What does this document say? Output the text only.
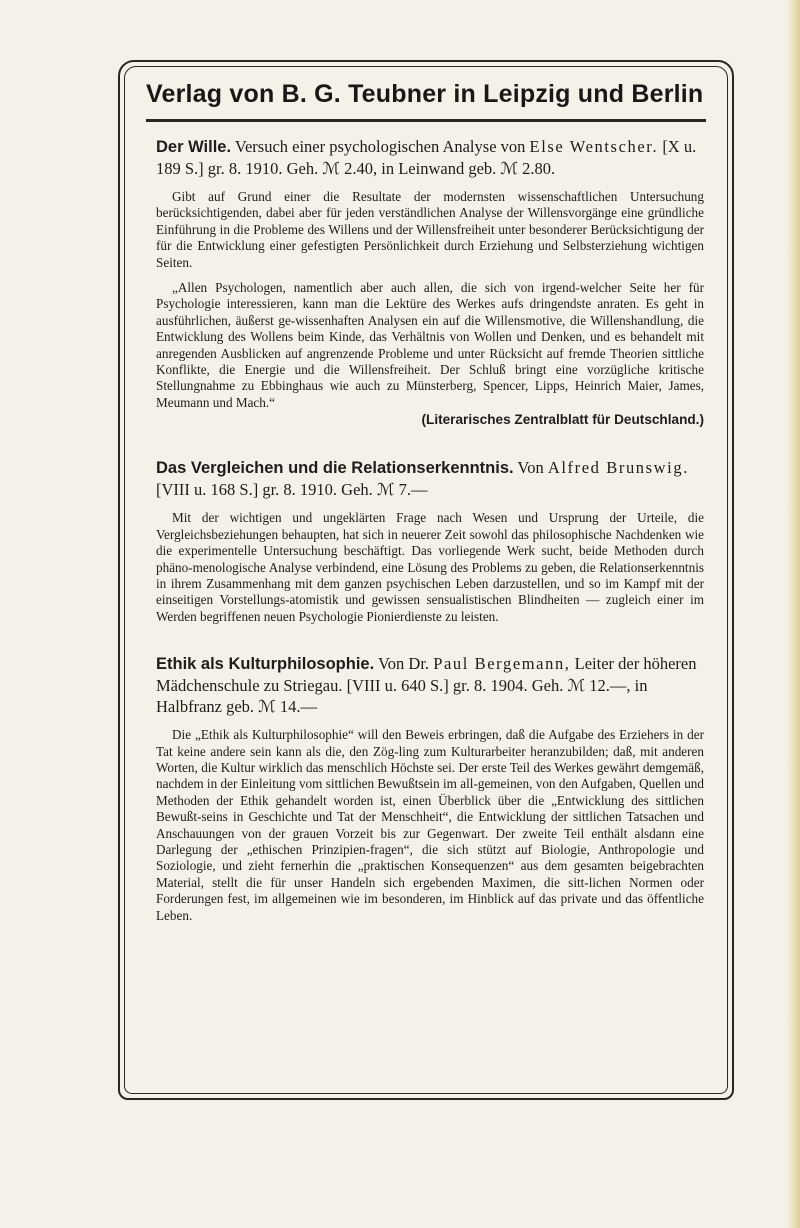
Verlag von B. G. Teubner in Leipzig und Berlin
Der Wille. Versuch einer psychologischen Analyse von Else Wentscher. [X u. 189 S.] gr. 8. 1910. Geh. ℳ 2.40, in Leinwand geb. ℳ 2.80.
Gibt auf Grund einer die Resultate der modernsten wissenschaftlichen Untersuchung berücksichtigenden, dabei aber für jeden verständlichen Analyse der Willensvorgänge eine gründliche Einführung in die Probleme des Willens und der Willensfreiheit unter besonderer Berücksichtigung der für die Entwicklung einer gefestigten Persönlichkeit durch Erziehung und Selbsterziehung wichtigen Seiten.
„Allen Psychologen, namentlich aber auch allen, die sich von irgend-welcher Seite her für Psychologie interessieren, kann man die Lektüre des Werkes aufs dringendste anraten. Es geht in ausführlichen, äußerst ge-wissenhaften Analysen ein auf die Willensmotive, die Willenshandlung, die Entwicklung des Wollens beim Kinde, das Verhältnis von Wollen und Denken, und es behandelt mit anregenden Ausblicken auf angrenzende Probleme und unter Rücksicht auf fremde Theorien sittliche Konflikte, die Energie und die Willensfreiheit. Der Schluß bringt eine vorzügliche kritische Stellungnahme zu Ebbinghaus wie auch zu Münsterberg, Spencer, Lipps, Heinrich Maier, James, Meumann und Mach.“
(Literarisches Zentralblatt für Deutschland.)
Das Vergleichen und die Relationserkenntnis. Von Alfred Brunswig. [VIII u. 168 S.] gr. 8. 1910. Geh. ℳ 7.—
Mit der wichtigen und ungeklärten Frage nach Wesen und Ursprung der Urteile, die Vergleichsbeziehungen behaupten, hat sich in neuerer Zeit sowohl das philosophische Nachdenken wie die experimentelle Untersuchung beschäftigt. Das vorliegende Werk sucht, beide Methoden durch phäno-menologische Analyse verbindend, eine Lösung des Problems zu geben, die Relationserkenntnis in ihrem Zusammenhang mit dem ganzen psychischen Leben darzustellen, und so im Kampf mit der einseitigen Vorstellungs-atomistik und gewissen sensualistischen Blindheiten — zugleich einer im Werden begriffenen neuen Psychologie Pionierdienste zu leisten.
Ethik als Kulturphilosophie. Von Dr. Paul Bergemann, Leiter der höheren Mädchenschule zu Striegau. [VIII u. 640 S.] gr. 8. 1904. Geh. ℳ 12.—, in Halbfranz geb. ℳ 14.—
Die „Ethik als Kulturphilosophie“ will den Beweis erbringen, daß die Aufgabe des Erziehers in der Tat keine andere sein kann als die, den Zög-ling zum Kulturarbeiter heranzubilden; daß, mit anderen Worten, die Kultur wirklich das menschlich Höchste sei. Der erste Teil des Werkes gewährt demgemäß, nachdem in der Einleitung vom sittlichen Bewußtsein im all-gemeinen, von den Aufgaben, Quellen und Methoden der Ethik gehandelt worden ist, einen Überblick über die „Entwicklung des sittlichen Bewußt-seins in Geschichte und Tat der Menschheit“, die Entwicklung der sittlichen Tatsachen und Anschauungen von der grauen Vorzeit bis zur Gegenwart. Der zweite Teil enthält alsdann eine Darlegung der „ethischen Prinzipien-fragen“, die sich stützt auf Biologie, Anthropologie und Soziologie, und zieht fernerhin die „praktischen Konsequenzen“ aus dem gesamten beigebrachten Material, stellt die für unser Handeln sich ergebenden Maximen, die sitt-lichen Normen oder Forderungen fest, im allgemeinen wie im besonderen, im Hinblick auf das private und das öffentliche Leben.
